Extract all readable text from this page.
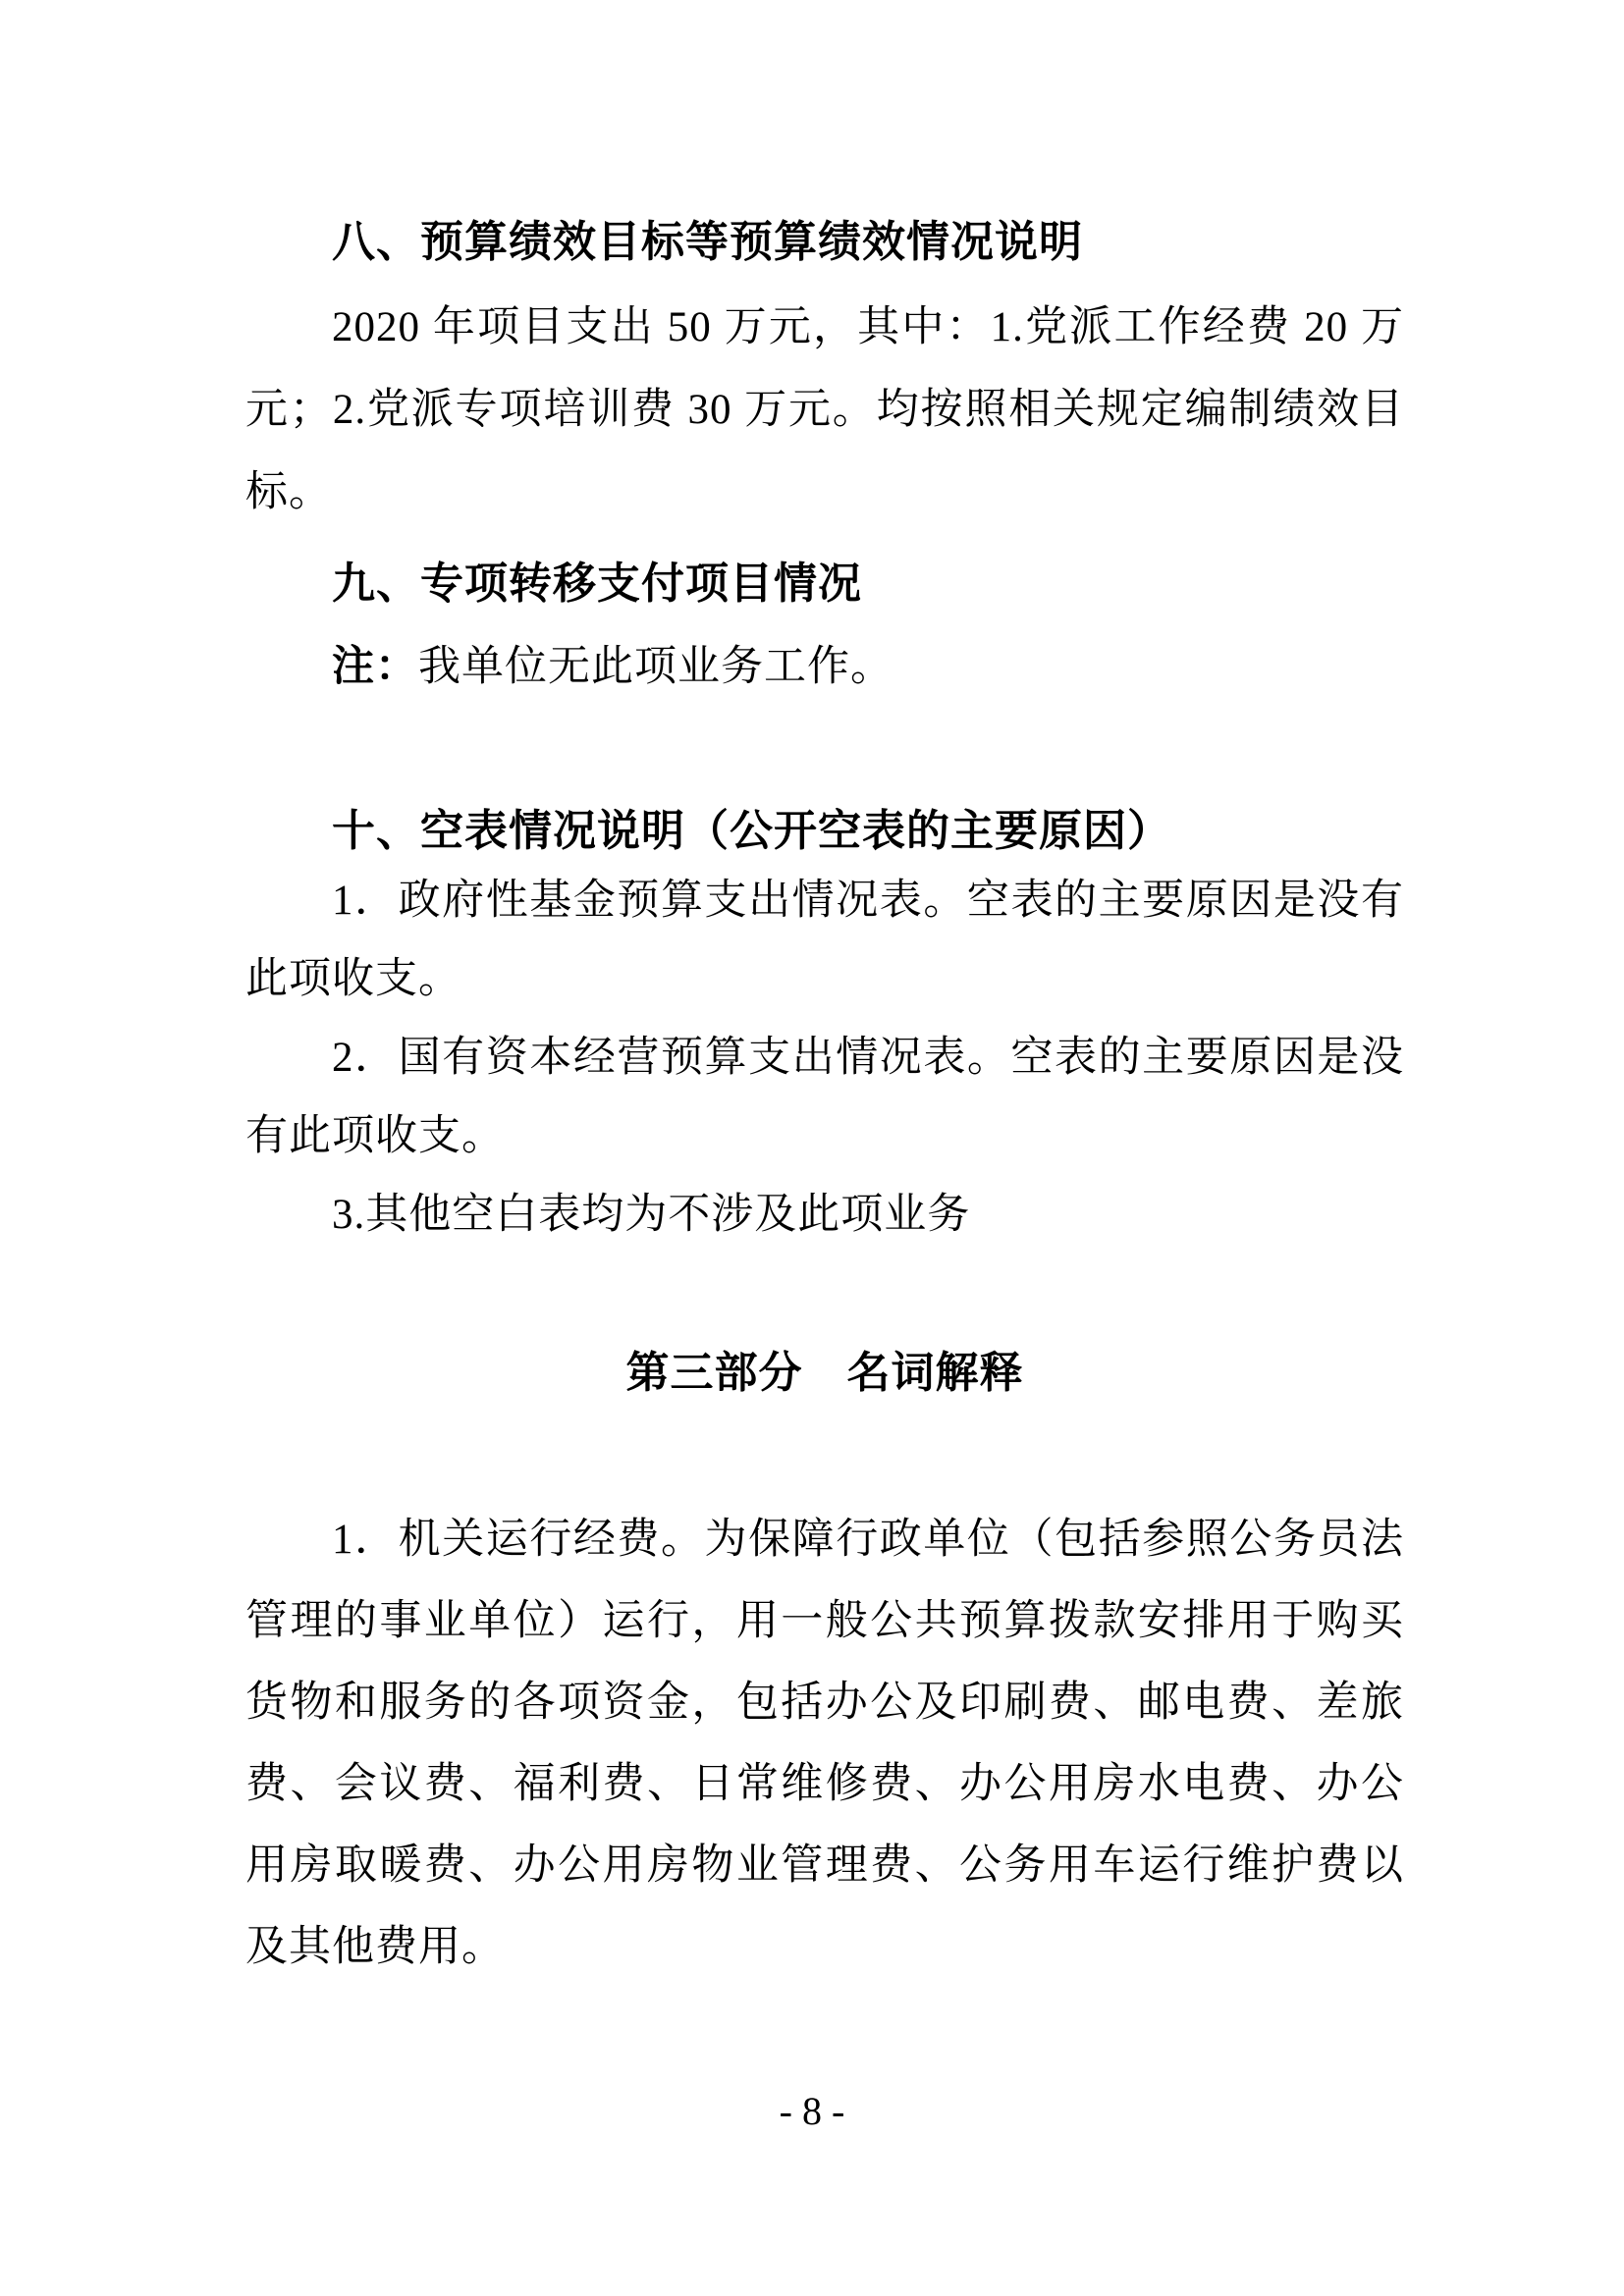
八、预算绩效目标等预算绩效情况说明

2020 年项目支出 50 万元，其中：1.党派工作经费 20 万元；2.党派专项培训费 30 万元。均按照相关规定编制绩效目标。

九、专项转移支付项目情况

注：我单位无此项业务工作。

十、空表情况说明（公开空表的主要原因）

1．政府性基金预算支出情况表。空表的主要原因是没有此项收支。

2．国有资本经营预算支出情况表。空表的主要原因是没有此项收支。

3.其他空白表均为不涉及此项业务

第三部分　名词解释

1．机关运行经费。为保障行政单位（包括参照公务员法管理的事业单位）运行，用一般公共预算拨款安排用于购买货物和服务的各项资金，包括办公及印刷费、邮电费、差旅费、会议费、福利费、日常维修费、办公用房水电费、办公用房取暖费、办公用房物业管理费、公务用车运行维护费以及其他费用。

- 8 -
